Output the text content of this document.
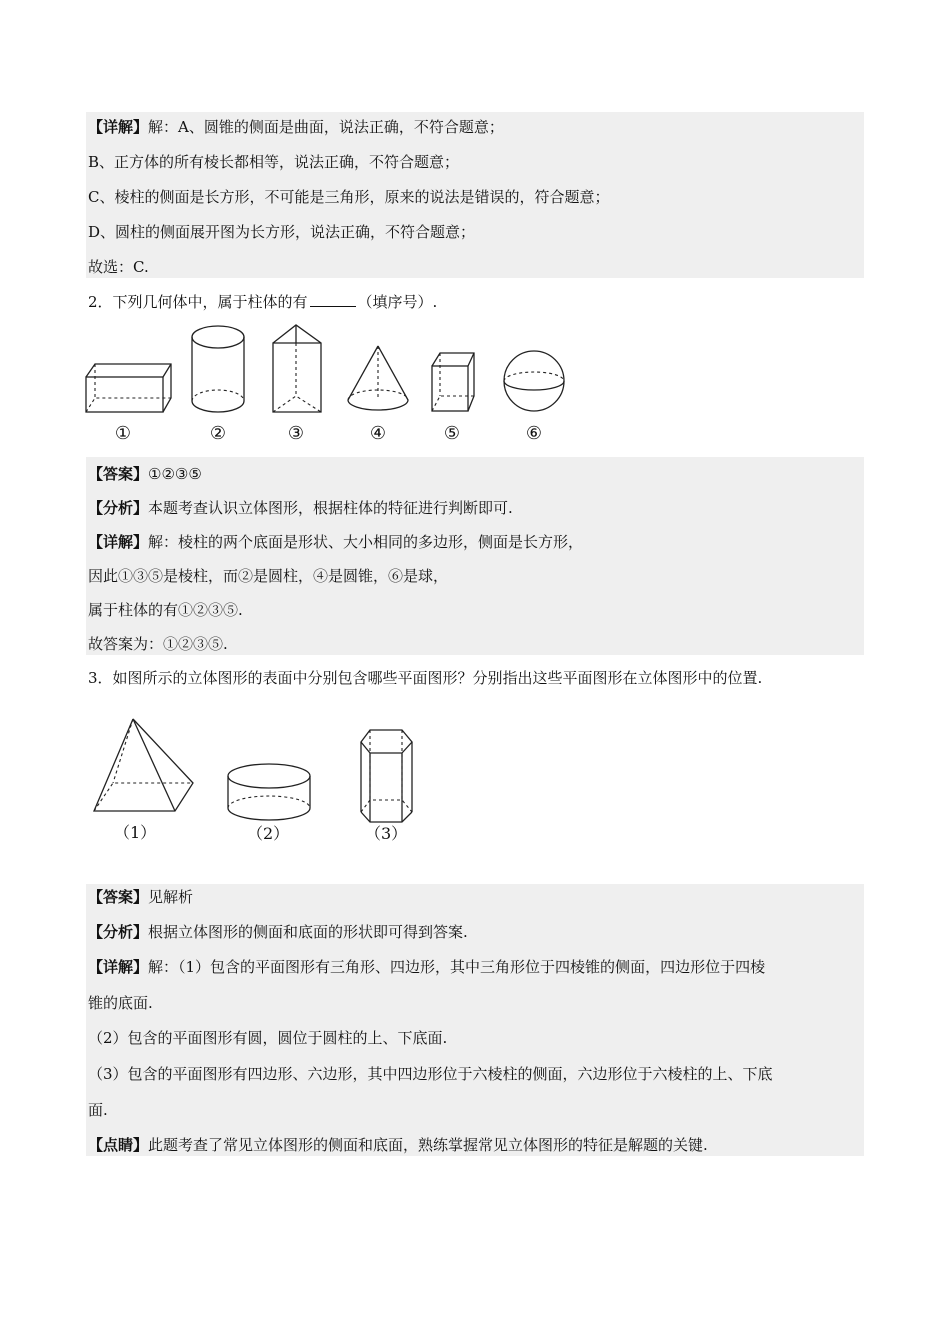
【详解】解：A、圆锥的侧面是曲面，说法正确，不符合题意；
B、正方体的所有棱长都相等，说法正确，不符合题意；
C、棱柱的侧面是长方形，不可能是三角形，原来的说法是错误的，符合题意；
D、圆柱的侧面展开图为长方形，说法正确，不符合题意；
故选：C.
2．下列几何体中，属于柱体的有	（填序号）.
①	②	③	④	⑤	⑥
【答案】①②③⑤
【分析】本题考查认识立体图形，根据柱体的特征进行判断即可.
【详解】解：棱柱的两个底面是形状、大小相同的多边形，侧面是长方形，
因此①③⑤是棱柱，而②是圆柱，④是圆锥，⑥是球，
属于柱体的有①②③⑤.
故答案为：①②③⑤.
3．如图所示的立体图形的表面中分别包含哪些平面图形？分别指出这些平面图形在立体图形中的位置.
（1）	（2）	（3）
【答案】见解析
【分析】根据立体图形的侧面和底面的形状即可得到答案.
【详解】解：（1）包含的平面图形有三角形、四边形，其中三角形位于四棱锥的侧面，四边形位于四棱
锥的底面.
（2）包含的平面图形有圆，圆位于圆柱的上、下底面.
（3）包含的平面图形有四边形、六边形，其中四边形位于六棱柱的侧面，六边形位于六棱柱的上、下底
面.
【点睛】此题考查了常见立体图形的侧面和底面，熟练掌握常见立体图形的特征是解题的关键.
